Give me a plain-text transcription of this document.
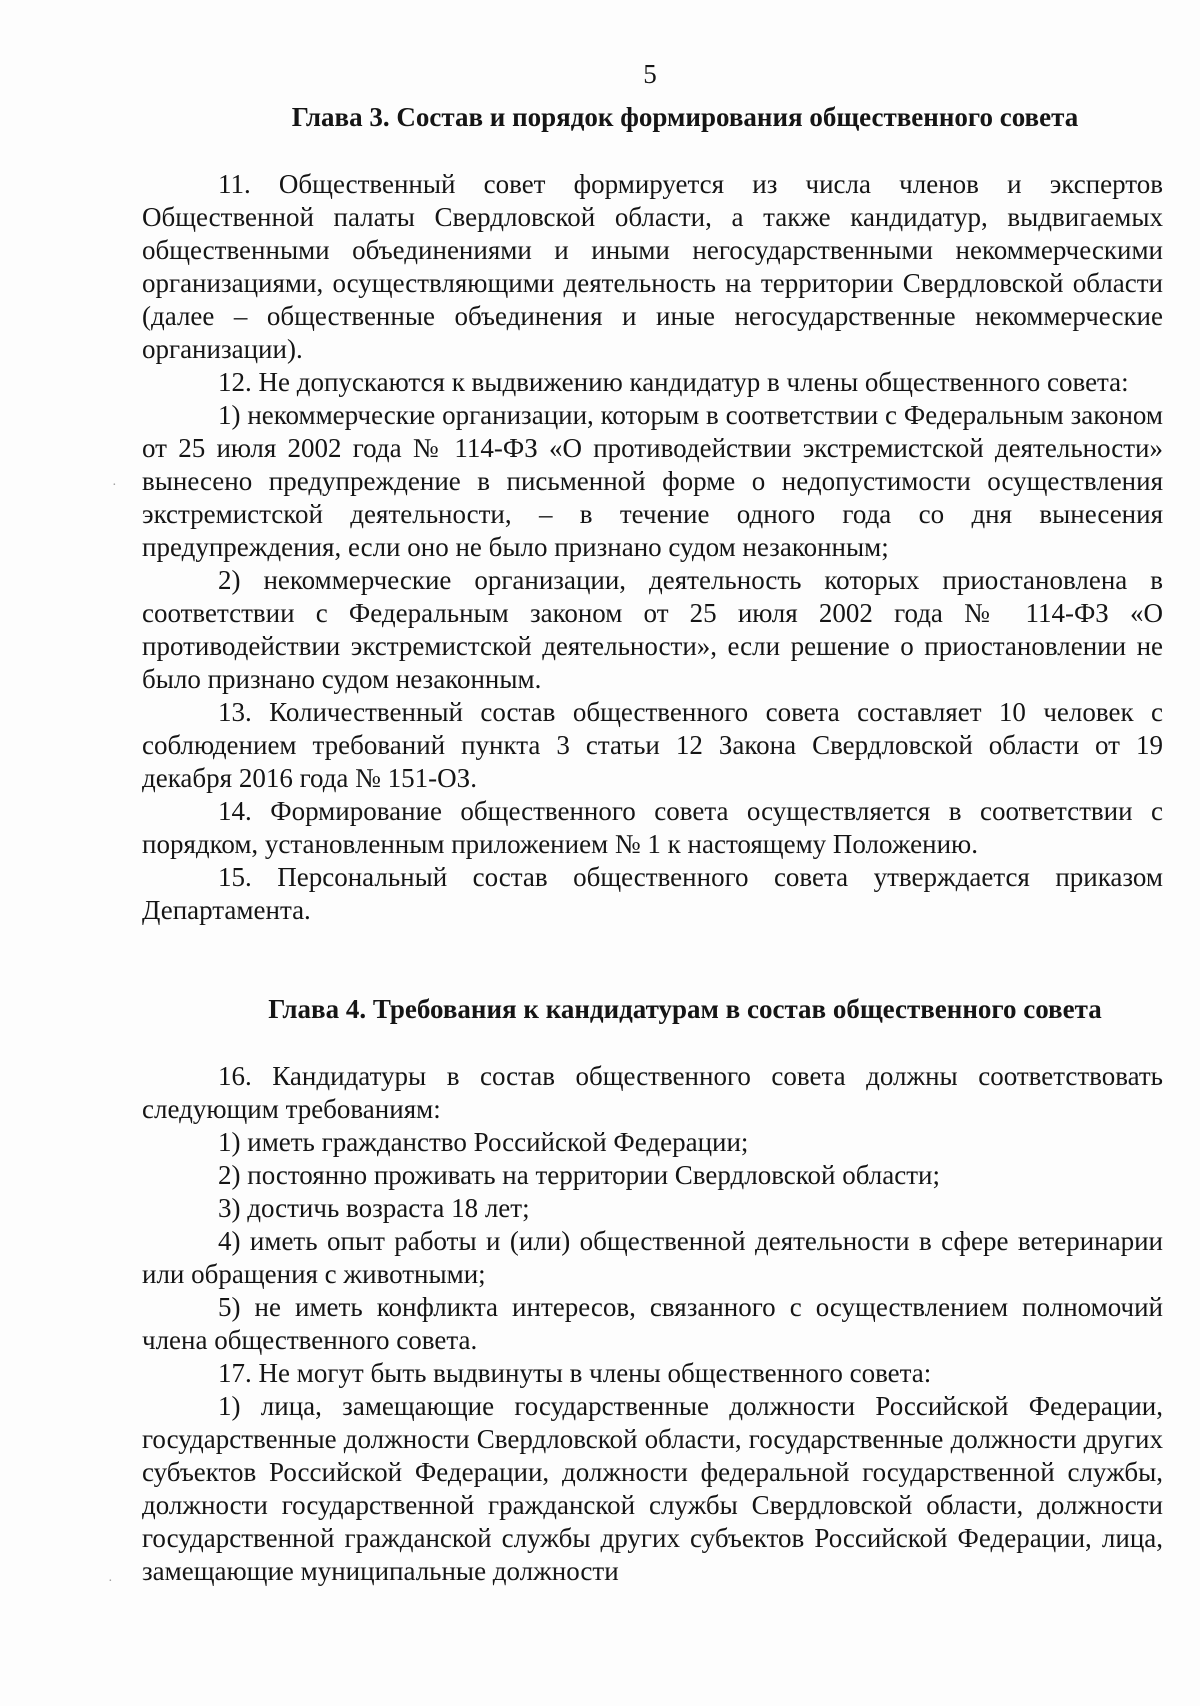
5
Глава 3. Состав и порядок формирования общественного совета

11. Общественный совет формируется из числа членов и экспертов Общественной палаты Свердловской области, а также кандидатур, выдвигаемых общественными объединениями и иными негосударственными некоммерческими организациями, осуществляющими деятельность на территории Свердловской области (далее – общественные объединения и иные негосударственные некоммерческие организации).

12. Не допускаются к выдвижению кандидатур в члены общественного совета:

1) некоммерческие организации, которым в соответствии с Федеральным законом от 25 июля 2002 года № 114-ФЗ «О противодействии экстремистской деятельности» вынесено предупреждение в письменной форме о недопустимости осуществления экстремистской деятельности, – в течение одного года со дня вынесения предупреждения, если оно не было признано судом незаконным;

2) некоммерческие организации, деятельность которых приостановлена в соответствии с Федеральным законом от 25 июля 2002 года № 114-ФЗ «О противодействии экстремистской деятельности», если решение о приостановлении не было признано судом незаконным.

13. Количественный состав общественного совета составляет 10 человек с соблюдением требований пункта 3 статьи 12 Закона Свердловской области от 19 декабря 2016 года № 151-ОЗ.

14. Формирование общественного совета осуществляется в соответствии с порядком, установленным приложением № 1 к настоящему Положению.

15. Персональный состав общественного совета утверждается приказом Департамента.

Глава 4. Требования к кандидатурам в состав общественного совета

16. Кандидатуры в состав общественного совета должны соответствовать следующим требованиям:

1) иметь гражданство Российской Федерации;

2) постоянно проживать на территории Свердловской области;

3) достичь возраста 18 лет;

4) иметь опыт работы и (или) общественной деятельности в сфере ветеринарии или обращения с животными;

5) не иметь конфликта интересов, связанного с осуществлением полномочий члена общественного совета.

17. Не могут быть выдвинуты в члены общественного совета:

1) лица, замещающие государственные должности Российской Федерации, государственные должности Свердловской области, государственные должности других субъектов Российской Федерации, должности федеральной государственной службы, должности государственной гражданской службы Свердловской области, должности государственной гражданской службы других субъектов Российской Федерации, лица, замещающие муниципальные должности

·
·
